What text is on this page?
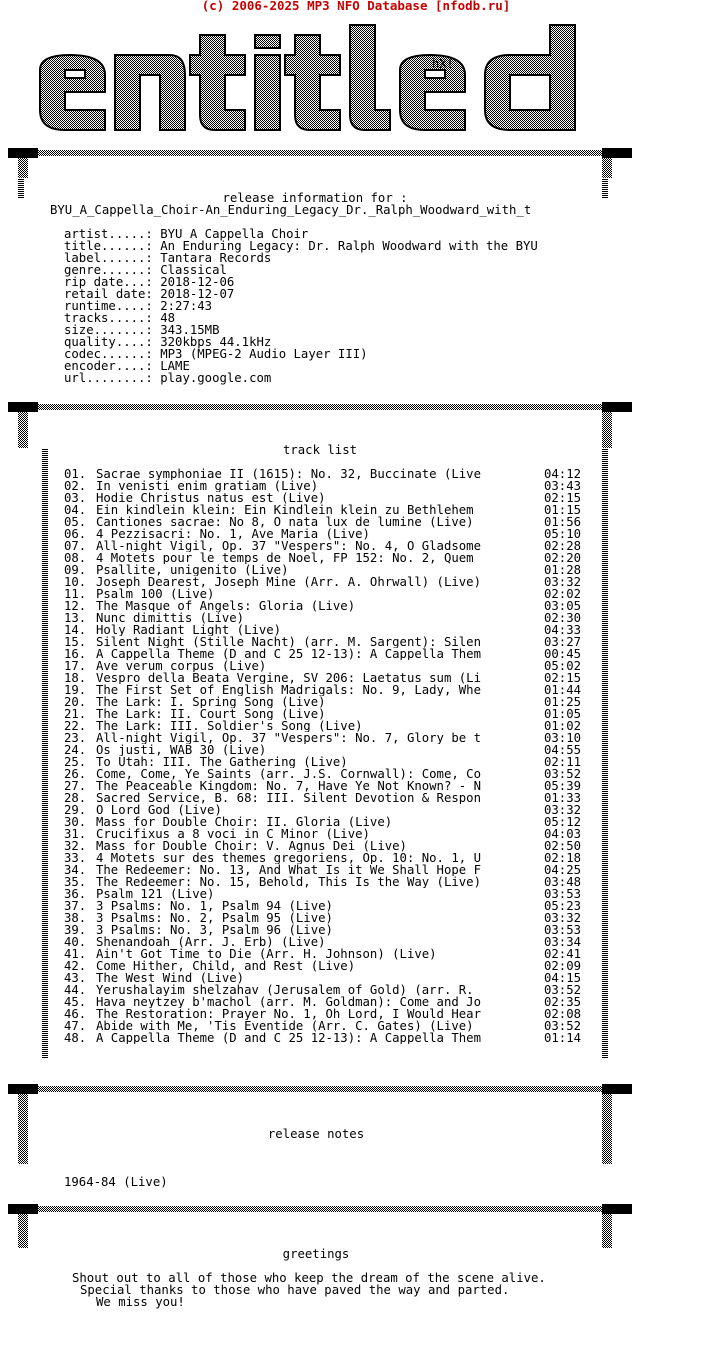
(c) 2006-2025 MP3 NFO Database [nfodb.ru]
hX!
release information for :
BYU_A_Cappella_Choir-An_Enduring_Legacy_Dr._Ralph_Woodward_with_t
artist.....: BYU A Cappella Choir
title......: An Enduring Legacy: Dr. Ralph Woodward with the BYU
label......: Tantara Records
genre......: Classical
rip date...: 2018-12-06
retail date: 2018-12-07
runtime....: 2:27:43
tracks.....: 48
size.......: 343.15MB
quality....: 320kbps 44.1kHz
codec......: MP3 (MPEG-2 Audio Layer III)
encoder....: LAME
url........: play.google.com
track list
01. Sacrae symphoniae II (1615): No. 32, Buccinate (Live	04:12
02. In venisti enim gratiam (Live)	03:43
03. Hodie Christus natus est (Live)	02:15
04. Ein kindlein klein: Ein Kindlein klein zu Bethlehem	01:15
05. Cantiones sacrae: No 8, O nata lux de lumine (Live)	01:56
06. 4 Pezzisacri: No. 1, Ave Maria (Live)	05:10
07. All-night Vigil, Op. 37 "Vespers": No. 4, O Gladsome	02:28
08. 4 Motets pour le temps de Noel, FP 152: No. 2, Quem	02:20
09. Psallite, unigenito (Live)	01:28
10. Joseph Dearest, Joseph Mine (Arr. A. Ohrwall) (Live)	03:32
11. Psalm 100 (Live)	02:02
12. The Masque of Angels: Gloria (Live)	03:05
13. Nunc dimittis (Live)	02:30
14. Holy Radiant Light (Live)	04:33
15. Silent Night (Stille Nacht) (arr. M. Sargent): Silen	03:27
16. A Cappella Theme (D and C 25 12-13): A Cappella Them	00:45
17. Ave verum corpus (Live)	05:02
18. Vespro della Beata Vergine, SV 206: Laetatus sum (Li	02:15
19. The First Set of English Madrigals: No. 9, Lady, Whe	01:44
20. The Lark: I. Spring Song (Live)	01:25
21. The Lark: II. Court Song (Live)	01:05
22. The Lark: III. Soldier's Song (Live)	01:02
23. All-night Vigil, Op. 37 "Vespers": No. 7, Glory be t	03:10
24. Os justi, WAB 30 (Live)	04:55
25. To Utah: III. The Gathering (Live)	02:11
26. Come, Come, Ye Saints (arr. J.S. Cornwall): Come, Co	03:52
27. The Peaceable Kingdom: No. 7, Have Ye Not Known? - N	05:39
28. Sacred Service, B. 68: III. Silent Devotion & Respon	01:33
29. O Lord God (Live)	03:32
30. Mass for Double Choir: II. Gloria (Live)	05:12
31. Crucifixus a 8 voci in C Minor (Live)	04:03
32. Mass for Double Choir: V. Agnus Dei (Live)	02:50
33. 4 Motets sur des themes gregoriens, Op. 10: No. 1, U	02:18
34. The Redeemer: No. 13, And What Is it We Shall Hope F	04:25
35. The Redeemer: No. 15, Behold, This Is the Way (Live)	03:48
36. Psalm 121 (Live)	03:53
37. 3 Psalms: No. 1, Psalm 94 (Live)	05:23
38. 3 Psalms: No. 2, Psalm 95 (Live)	03:32
39. 3 Psalms: No. 3, Psalm 96 (Live)	03:53
40. Shenandoah (Arr. J. Erb) (Live)	03:34
41. Ain't Got Time to Die (Arr. H. Johnson) (Live)	02:41
42. Come Hither, Child, and Rest (Live)	02:09
43. The West Wind (Live)	04:15
44. Yerushalayim shelzahav (Jerusalem of Gold) (arr. R.	03:52
45. Hava neytzey b'machol (arr. M. Goldman): Come and Jo	02:35
46. The Restoration: Prayer No. 1, Oh Lord, I Would Hear	02:08
47. Abide with Me, 'Tis Eventide (Arr. C. Gates) (Live)	03:52
48. A Cappella Theme (D and C 25 12-13): A Cappella Them	01:14
release notes
1964-84 (Live)
greetings
Shout out to all of those who keep the dream of the scene alive.
Special thanks to those who have paved the way and parted.
We miss you!
